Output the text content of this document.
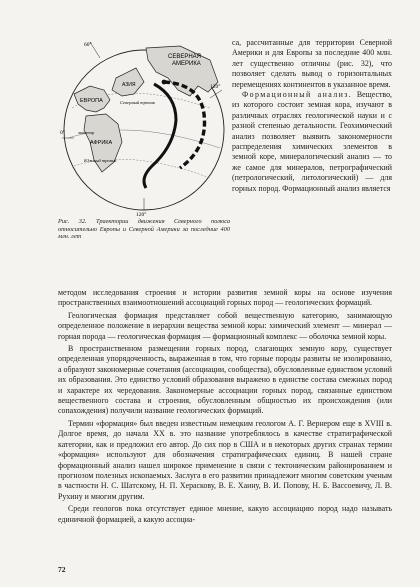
СЕВЕРНАЯ АМЕРИКА
ЕВРОПА
АФРИКА
АЗИЯ
Северный тропик
экватор
Южный тропик
60°
120°
0°
120°
Рис. 32. Траектории движения Северного полюса относительно Европы и Северной Америки за последние 400 млн. лет

са, рассчитанные для территории Северной Америки и для Европы за последние 400 млн. лет существенно отличны (рис. 32), что позволяет сделать вывод о горизонтальных перемещениях континентов в указанное время.

Формационный анализ. Вещество, из которого состоит земная кора, изучают в различных отраслях геологической науки и с разной степенью детальности. Геохимический анализ позволяет выявить закономерности распределения химических элементов в земной коре, минералогический анализ — то же самое для минералов, петрографический (петрологический, литологический) — для горных пород. Формационный анализ является

методом исследования строения и истории развития земной коры на основе изучения пространственных взаимоотношений ассоциаций горных пород — геологических формаций.

Геологическая формация представляет собой вещественную категорию, занимающую определенное положение в иерархии вещества земной коры: химический элемент — минерал — горная порода — геологическая формация — формационный комплекс — оболочка земной коры.

В пространственном размещении горных пород, слагающих земную кору, существует определенная упорядоченность, выраженная в том, что горные породы развиты не изолированно, а образуют закономерные сочетания (ассоциации, сообщества), обусловленные единством условий их образования. Это единство условий образования выражено в единстве состава смежных пород и характере их чередования. Закономерные ассоциации горных пород, связанные единством вещественного состава и строения, обусловленным общностью их происхождения (или сопахождения) получили название геологических формаций.

Термин «формация» был введен известным немецким геологом А. Г. Вернером еще в XVIII в. Долгое время, до начала XX в. это название употреблялось в качестве стратиграфической категории, как и предложил его автор. До сих пор в США и в некоторых других странах термин «формация» используют для обозначения стратиграфических единиц. В нашей стране формационный анализ нашел широкое применение в связи с тектоническим районированием и прогнозом полезных ископаемых. Заслуга в его развитии принадлежит многим советским ученым в частности Н. С. Шатскому, Н. П. Хераскову, В. Е. Хаину, В. И. Попову, Н. Б. Вассоевичу, Л. В. Рухину и многим другим.

Среди геологов пока отсутствует единое мнение, какую ассоциацию пород надо называть единичной формацией, а какую ассоциа-

72
